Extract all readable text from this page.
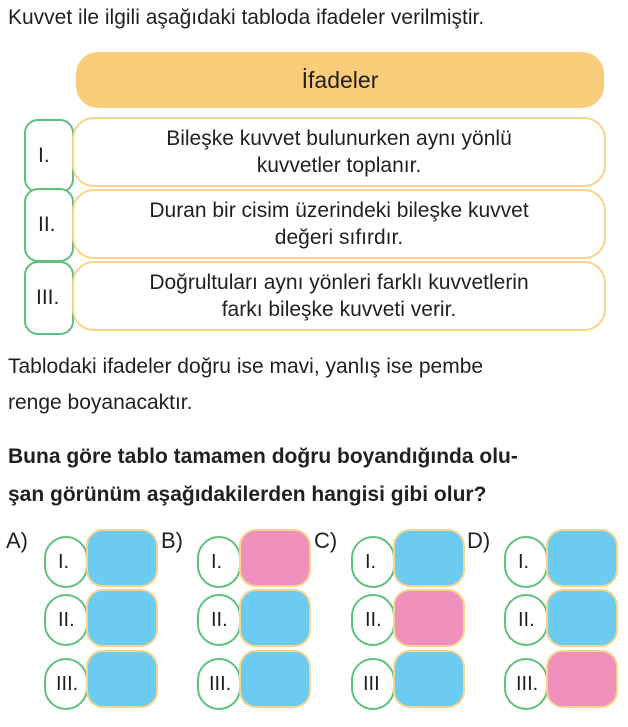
Kuvvet ile ilgili aşağıdaki tabloda ifadeler verilmiştir.
İfadeler
I.
Bileşke kuvvet bulunurken aynı yönlü
kuvvetler toplanır.
II.
Duran bir cisim üzerindeki bileşke kuvvet
değeri sıfırdır.
III.
Doğrultuları aynı yönleri farklı kuvvetlerin
farkı bileşke kuvveti verir.
Tablodaki ifadeler doğru ise mavi, yanlış ise pembe
renge boyanacaktır.
Buna göre tablo tamamen doğru boyandığında olu-
şan görünüm aşağıdakilerden hangisi gibi olur?
A)
I.
II.
III.
B)
I.
II.
III.
C)
I.
II.
III
D)
I.
II.
III.
